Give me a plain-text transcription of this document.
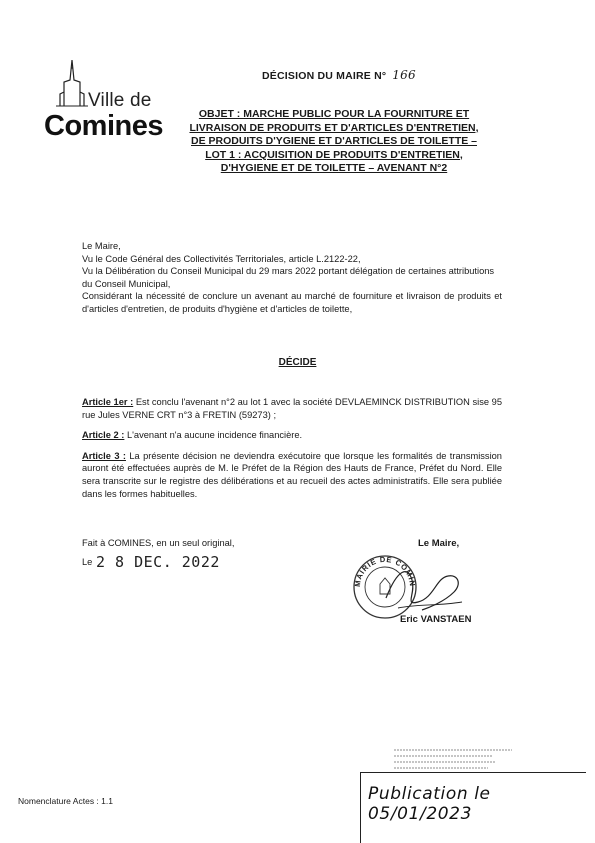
Ville de
Comines
DÉCISION DU MAIRE N° 166
OBJET : MARCHE PUBLIC POUR LA FOURNITURE ET
LIVRAISON DE PRODUITS ET D'ARTICLES D'ENTRETIEN,
DE PRODUITS D'YGIENE ET D'ARTICLES DE TOILETTE –
LOT 1 : ACQUISITION DE PRODUITS D'ENTRETIEN,
D'HYGIENE ET DE TOILETTE – AVENANT N°2

Le Maire,

Vu le Code Général des Collectivités Territoriales, article L.2122-22,

Vu la Délibération du Conseil Municipal du 29 mars 2022 portant délégation de certaines attributions du Conseil Municipal,

Considérant la nécessité de conclure un avenant au marché de fourniture et livraison de produits et d'articles d'entretien, de produits d'hygiène et d'articles de toilette,

DÉCIDE

Article 1er : Est conclu l'avenant n°2 au lot 1 avec la société DEVLAEMINCK DISTRIBUTION sise 95 rue Jules VERNE CRT n°3 à FRETIN (59273) ;

Article 2 : L'avenant n'a aucune incidence financière.

Article 3 : La présente décision ne deviendra exécutoire que lorsque les formalités de transmission auront été effectuées auprès de M. le Préfet de la Région des Hauts de France, Préfet du Nord. Elle sera transcrite sur le registre des délibérations et au recueil des actes administratifs. Elle sera publiée dans les formes habituelles.

Fait à COMINES, en un seul original,
Le 2 8 DEC. 2022
Le Maire,
MAIRIE DE COMIN
Eric VANSTAEN
Publication le 05/01/2023
Nomenclature Actes : 1.1
